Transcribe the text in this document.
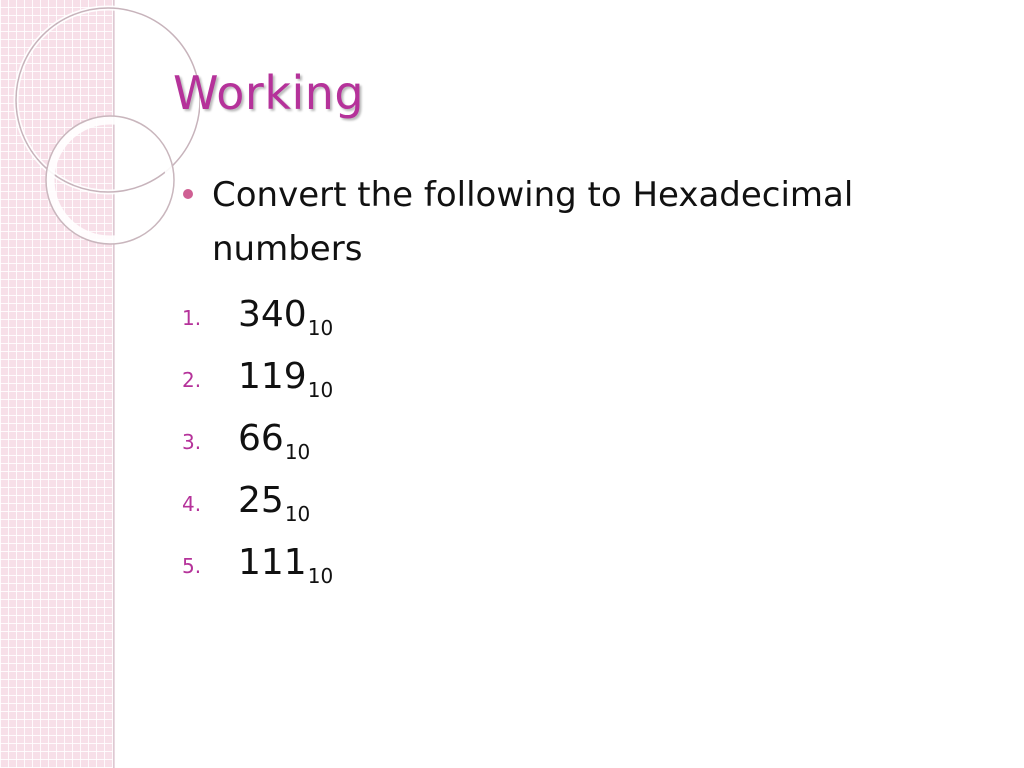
Working
Convert the following to Hexadecimal numbers
1. $340_{10}$
2. $119_{10}$
3. $66_{10}$
4. $25_{10}$
5. $111_{10}$
